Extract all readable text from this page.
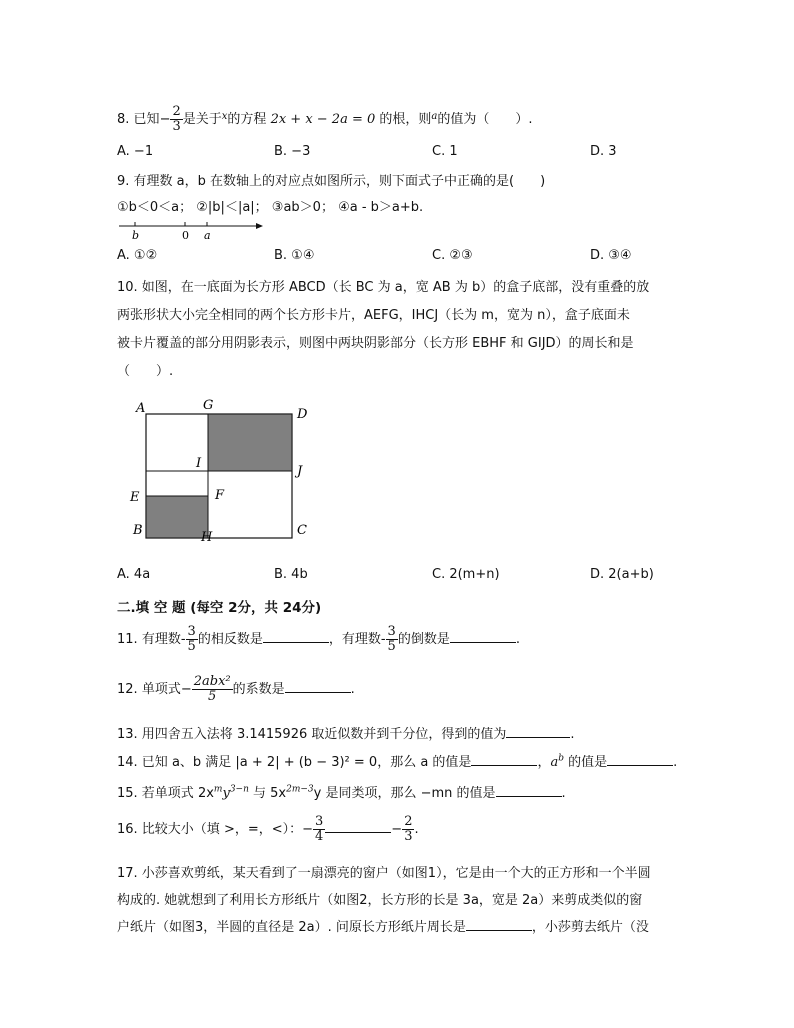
8. 已知− $\frac{2}{3}$ 是关于$^x$的方程 2x + x − 2a = 0 的根，则$^a$的值为（　　）.
A. −1	B. −3	C. 1	D. 3
9. 有理数 a，b 在数轴上的对应点如图所示，则下面式子中正确的是(　　)
①b＜0＜a； ②|b|＜|a|； ③ab＞0； ④a - b＞a+b.
b	0 a
A. ①②	B. ①④	C. ②③	D. ③④
10. 如图，在一底面为长方形 ABCD（长 BC 为 a，宽 AB 为 b）的盒子底部，没有重叠的放
两张形状大小完全相同的两个长方形卡片，AEFG，IHCJ（长为 m，宽为 n），盒子底面未
被卡片覆盖的部分用阴影表示，则图中两块阴影部分（长方形 EBHF 和 GIJD）的周长和是
（　　）.
A	G
D
I
J
E	F
B	H	C
A. 4a	B. 4b	C. 2(m+n)	D. 2(a+b)
二.填 空 题 (每空 2分，共 24分)
11. 有理数- $\frac{3}{5}$ 的相反数是	，有理数- $\frac{3}{5}$ 的倒数是	.
12. 单项式− $\frac{\text{2abx²}}{5}$ 的系数是	.
13. 用四舍五入法将 3.1415926 取近似数并到千分位，得到的值为	.
14. 已知 a、b 满足 |a + 2| + (b − 3)² = 0，那么 a 的值是	，$a^b$ 的值是	.
15. 若单项式 $2x^my^{3-n}$ 与 $5x^{2m-3}y$ 是同类项，那么 −mn 的值是	.
16. 比较大小（填 >，=，<）：− $\frac{3}{4}$	− $\frac{2}{3}$ .
17. 小莎喜欢剪纸，某天看到了一扇漂亮的窗户（如图1），它是由一个大的正方形和一个半圆
构成的. 她就想到了利用长方形纸片（如图2，长方形的长是 3a，宽是 2a）来剪成类似的窗
户纸片（如图3，半圆的直径是 2a）. 问原长方形纸片周长是	，小莎剪去纸片（没
